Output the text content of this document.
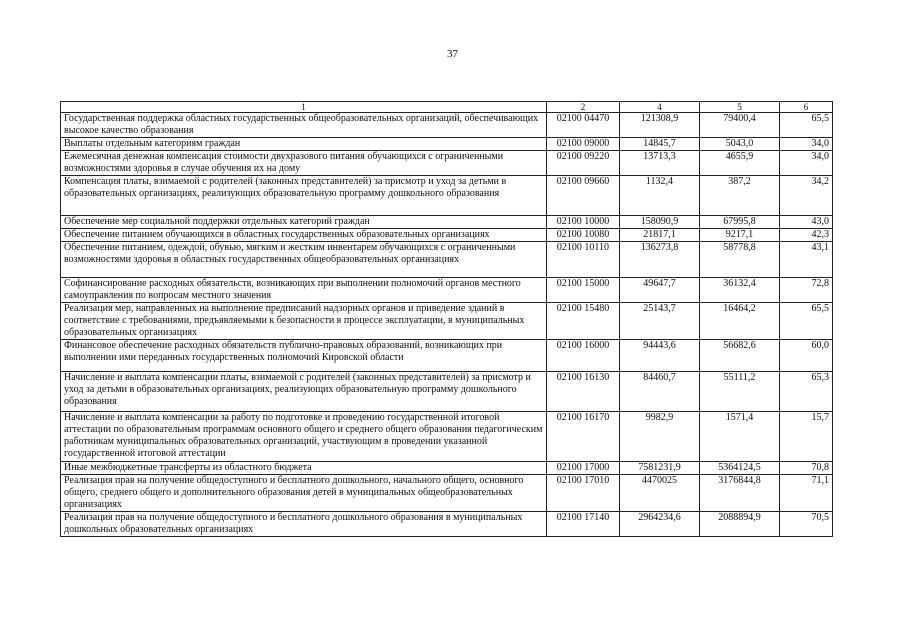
37
1	2	4	5	6
Государственная поддержка областных государственных общеобразовательных организаций, обеспечивающих высокое качество образования	02100 04470	121308,9	79400,4	65,5
Выплаты отдельным категориям граждан	02100 09000	14845,7	5043,0	34,0
Ежемесячная денежная компенсация стоимости двухразового питания обучающихся с ограниченными возможностями здоровья в случае обучения их на дому	02100 09220	13713,3	4655,9	34,0
Компенсация платы, взимаемой с родителей (законных представителей) за присмотр и уход за детьми в образовательных организациях, реализующих образовательную программу дошкольного образования	02100 09660	1132,4	387,2	34,2
Обеспечение мер социальной поддержки отдельных категорий граждан	02100 10000	158090,9	67995,8	43,0
Обеспечение питанием обучающихся в областных государственных образовательных организациях	02100 10080	21817,1	9217,1	42,3
Обеспечение питанием, одеждой, обувью, мягким и жестким инвентарем обучающихся с ограниченными возможностями здоровья в областных государственных общеобразовательных организациях	02100 10110	136273,8	58778,8	43,1
Софинансирование расходных обязательств, возникающих при выполнении полномочий органов местного самоуправления по вопросам местного значения	02100 15000	49647,7	36132,4	72,8
Реализация мер, направленных на выполнение предписаний надзорных органов и приведение зданий в соответствие с требованиями, предъявляемыми к безопасности в процессе эксплуатации, в муниципальных образовательных организациях	02100 15480	25143,7	16464,2	65,5
Финансовое обеспечение расходных обязательств публично-правовых образований, возникающих при выполнении ими переданных государственных полномочий Кировской области	02100 16000	94443,6	56682,6	60,0
Начисление и выплата компенсации платы, взимаемой с родителей (законных представителей) за присмотр и уход за детьми в образовательных организациях, реализующих образовательную программу дошкольного образования	02100 16130	84460,7	55111,2	65,3
Начисление и выплата компенсации за работу по подготовке и проведению государственной итоговой аттестации по образовательным программам основного общего и среднего общего образования педагогическим работникам муниципальных образовательных организаций, участвующим в проведении указанной государственной итоговой аттестации	02100 16170	9982,9	1571,4	15,7
Иные межбюджетные трансферты из областного бюджета	02100 17000	7581231,9	5364124,5	70,8
Реализация прав на получение общедоступного и бесплатного дошкольного, начального общего, основного общего, среднего общего и дополнительного образования детей в муниципальных общеобразовательных организациях	02100 17010	4470025	3176844,8	71,1
Реализация прав на получение общедоступного и бесплатного дошкольного образования в муниципальных дошкольных образовательных организациях	02100 17140	2964234,6	2088894,9	70,5
